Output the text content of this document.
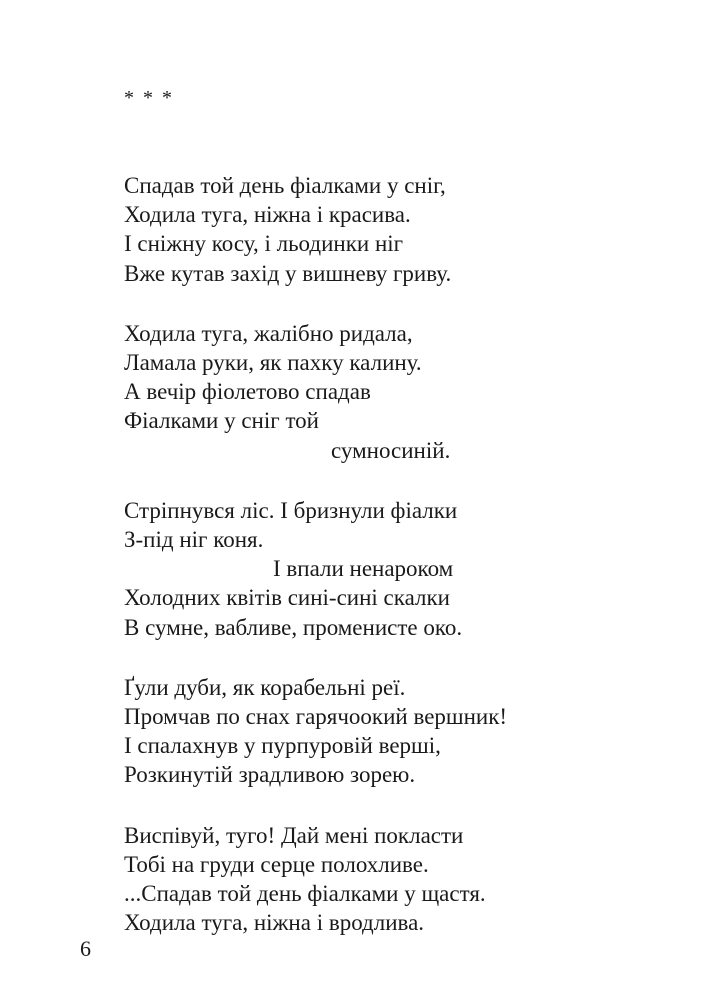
* * *
Спадав той день фіалками у сніг,
Ходила туга, ніжна і красива.
І сніжну косу, і льодинки ніг
Вже кутав захід у вишневу гриву.
Ходила туга, жалібно ридала,
Ламала руки, як пахку калину.
А вечір фіолетово спадав
Фіалками у сніг той
сумносиній.
Стріпнувся ліс. І бризнули фіалки
З-під ніг коня.
І впали ненароком
Холодних квітів сині-сині скалки
В сумне, вабливе, променисте око.
Ґули дуби, як корабельні реї.
Промчав по снах гарячоокий вершник!
І спалахнув у пурпуровій верші,
Розкинутій зрадливою зорею.
Виспівуй, туго! Дай мені покласти
Тобі на груди серце полохливе.
...Спадав той день фіалками у щастя.
Ходила туга, ніжна і вродлива.
6
